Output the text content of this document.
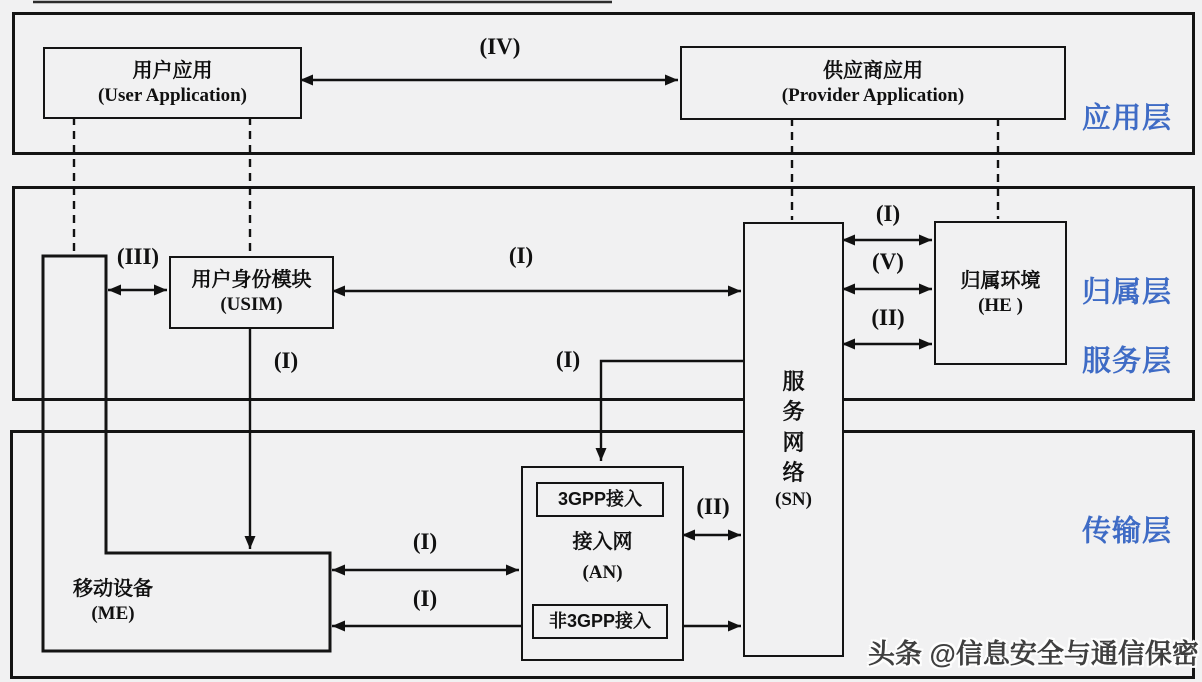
用户应用
(User Application)
供应商应用
(Provider Application)
用户身份模块
(USIM)
归属环境
(HE )
服
务
网
络
(SN)
移动设备
(ME)
3GPP接入
接入网
(AN)
非3GPP接入
(IV)
(III)	(I)
(I)	(I)
(I)
(V)
(II)
(I)
(I)
(II)
应用层
归属层
服务层
传输层
头条 @信息安全与通信保密
